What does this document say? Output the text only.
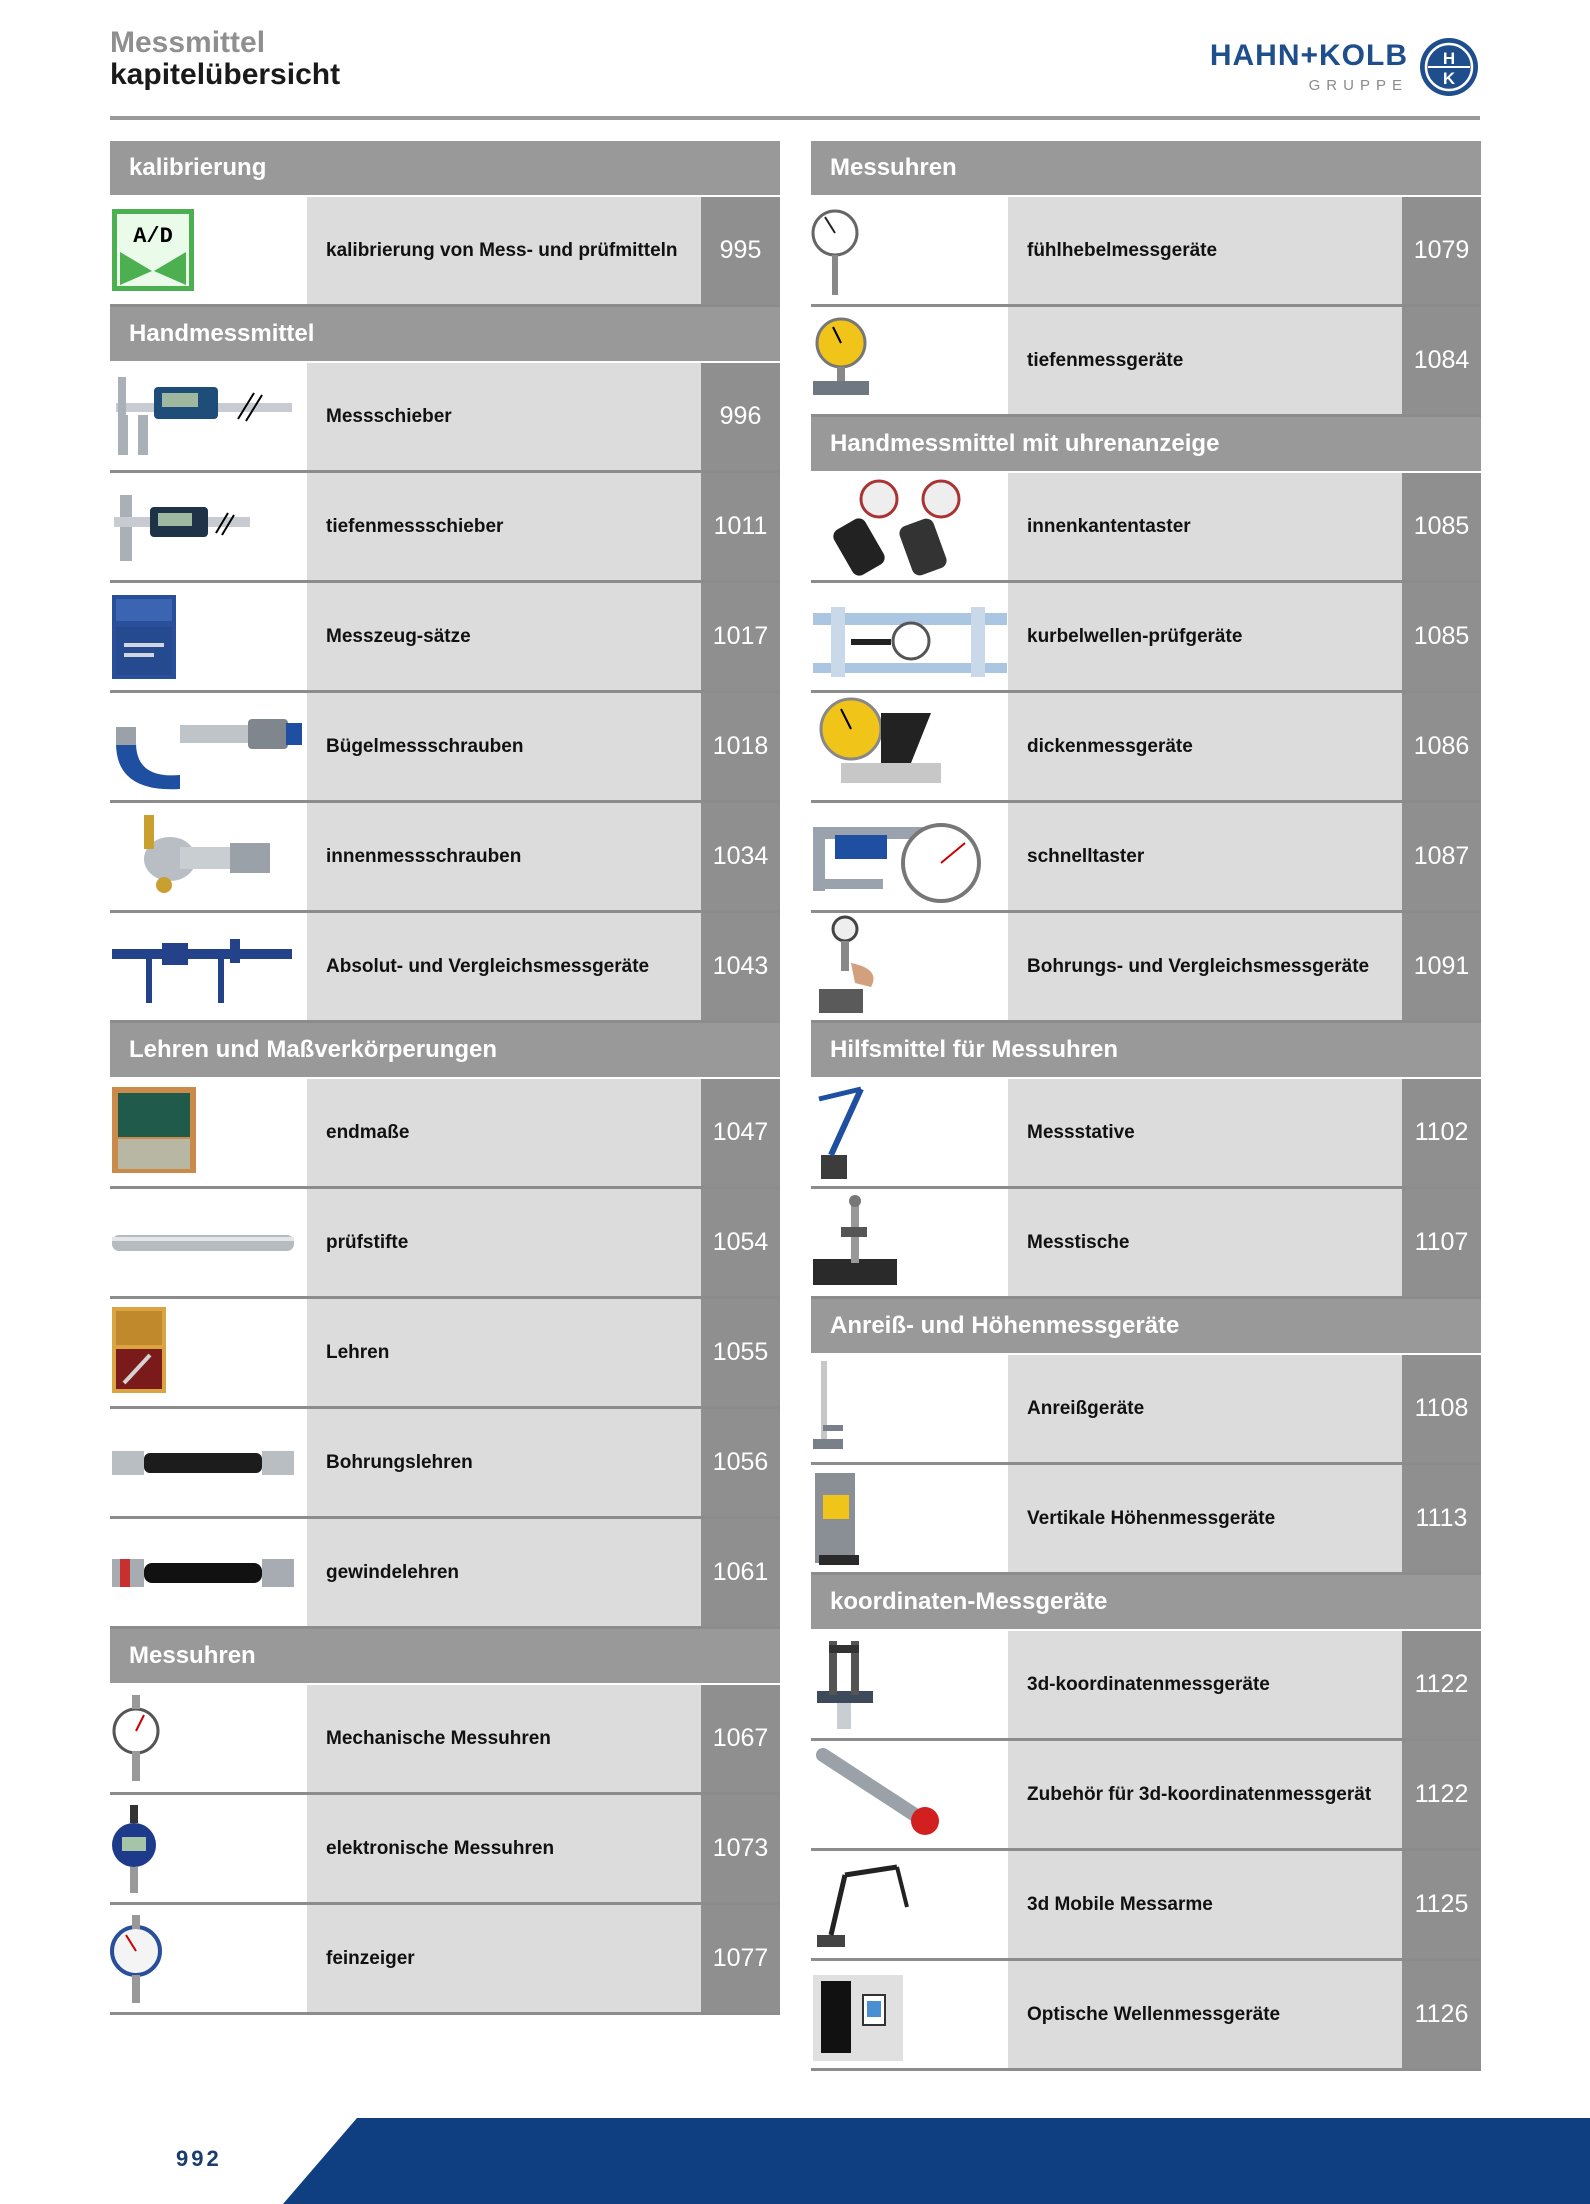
Messmittel
kapitelübersicht
HAHN+KOLB
GRUPPE
H
K
kalibrierung
A/D
kalibrierung von Mess- und prüfmitteln	995
Handmessmittel
Messschieber	996
tiefenmessschieber	1011
Messzeug-sätze	1017
Bügelmessschrauben	1018
innenmessschrauben	1034
Absolut- und Vergleichsmessgeräte	1043
Lehren und Maßverkörperungen
endmaße	1047
prüfstifte	1054
Lehren	1055
Bohrungslehren	1056
gewindelehren	1061
Messuhren
Mechanische Messuhren	1067
elektronische Messuhren	1073
feinzeiger	1077
Messuhren
fühlhebelmessgeräte	1079
tiefenmessgeräte	1084
Handmessmittel mit uhrenanzeige
innenkantentaster	1085
kurbelwellen-prüfgeräte	1085
dickenmessgeräte	1086
schnelltaster	1087
Bohrungs- und Vergleichsmessgeräte	1091
Hilfsmittel für Messuhren
Messstative	1102
Messtische	1107
Anreiß- und Höhenmessgeräte
Anreißgeräte	1108
Vertikale Höhenmessgeräte	1113
koordinaten-Messgeräte
3d-koordinatenmessgeräte	1122
Zubehör für 3d-koordinatenmessgerät	1122
3d Mobile Messarme	1125
Optische Wellenmessgeräte	1126
992
